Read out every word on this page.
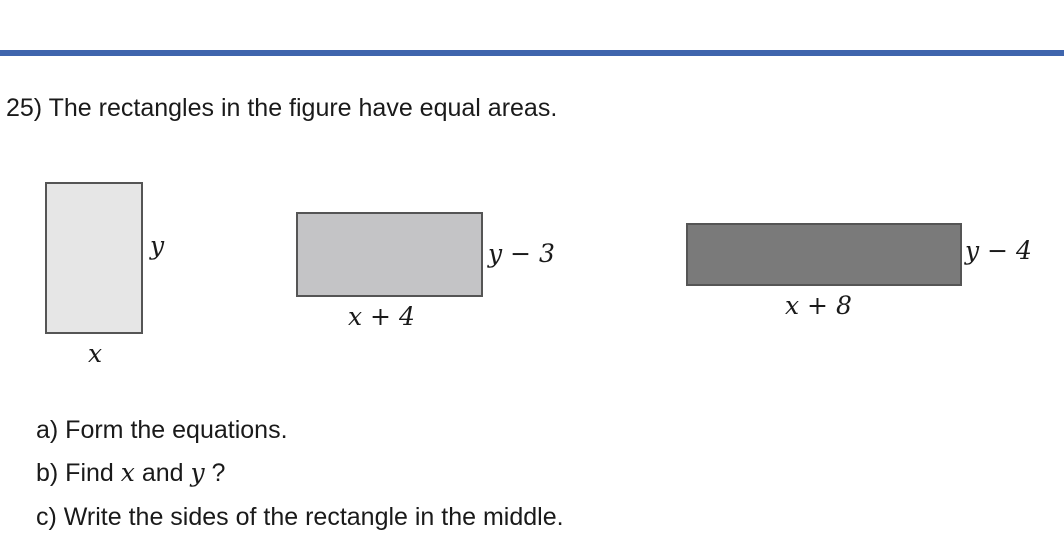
25) The rectangles in the figure have equal areas.
y
x
y − 3
x + 4
y − 4
x + 8
a) Form the equations.
b) Find x and y ?
c) Write the sides of the rectangle in the middle.
